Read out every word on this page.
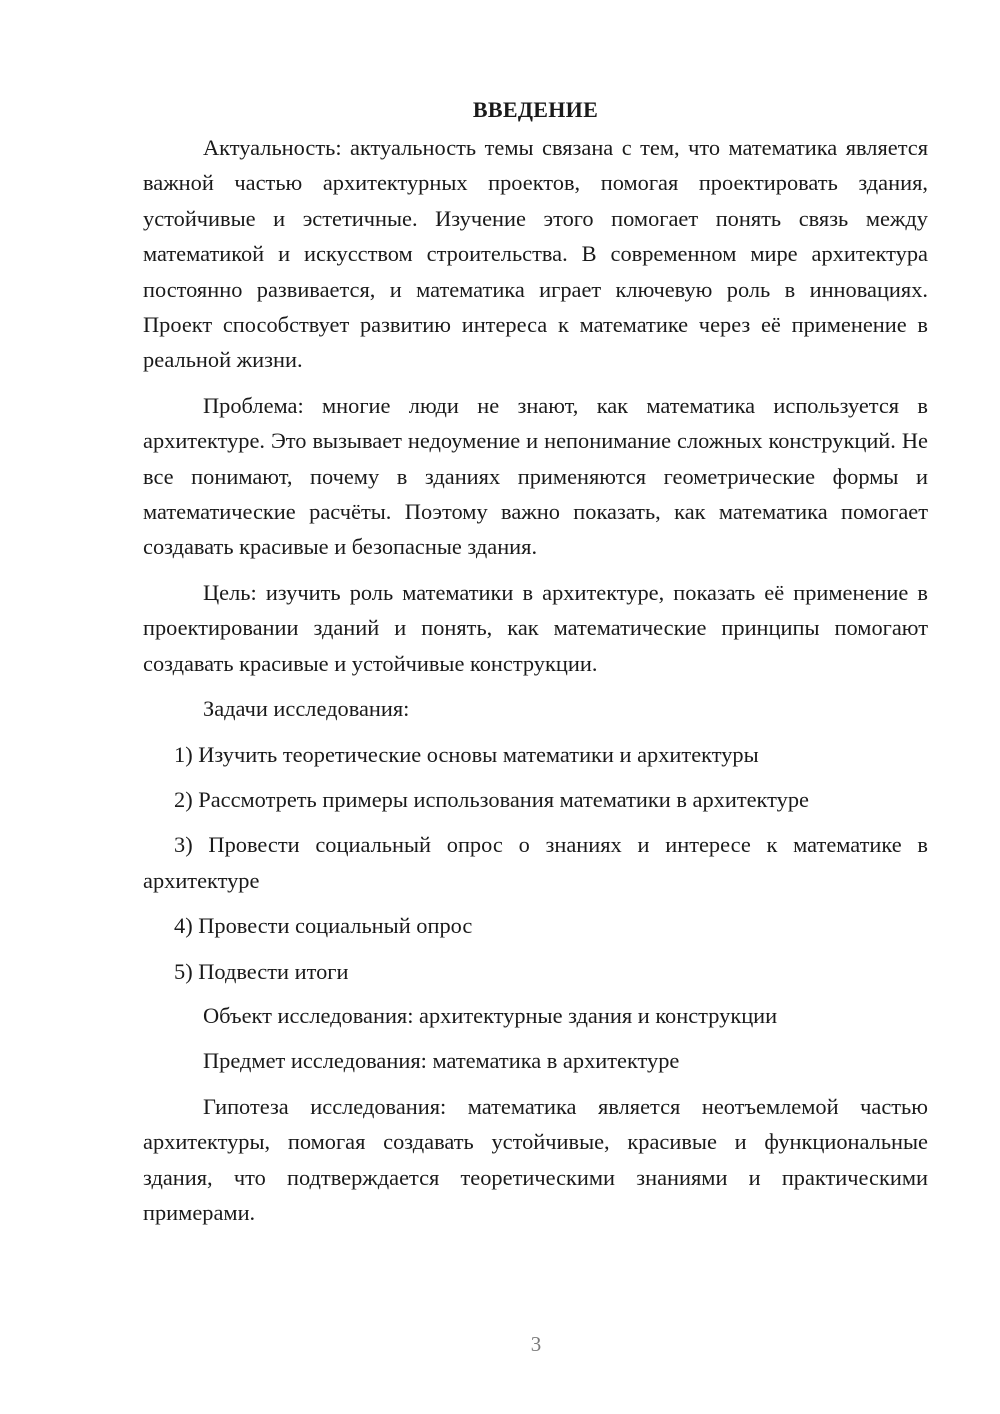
ВВЕДЕНИЕ

Актуальность: актуальность темы связана с тем, что математика является важной частью архитектурных проектов, помогая проектировать здания, устойчивые и эстетичные. Изучение этого помогает понять связь между математикой и искусством строительства. В современном мире архитектура постоянно развивается, и математика играет ключевую роль в инновациях. Проект способствует развитию интереса к математике через её применение в реальной жизни.

Проблема: многие люди не знают, как математика используется в архитектуре. Это вызывает недоумение и непонимание сложных конструкций. Не все понимают, почему в зданиях применяются геометрические формы и математические расчёты. Поэтому важно показать, как математика помогает создавать красивые и безопасные здания.

Цель: изучить роль математики в архитектуре, показать её применение в проектировании зданий и понять, как математические принципы помогают создавать красивые и устойчивые конструкции.

Задачи исследования:

1) Изучить теоретические основы математики и архитектуры

2) Рассмотреть примеры использования математики в архитектуре

3) Провести социальный опрос о знаниях и интересе к математике в архитектуре

4) Провести социальный опрос

5) Подвести итоги

Объект исследования: архитектурные здания и конструкции

Предмет исследования: математика в архитектуре

Гипотеза исследования: математика является неотъемлемой частью архитектуры, помогая создавать устойчивые, красивые и функциональные здания, что подтверждается теоретическими знаниями и практическими примерами.

3
